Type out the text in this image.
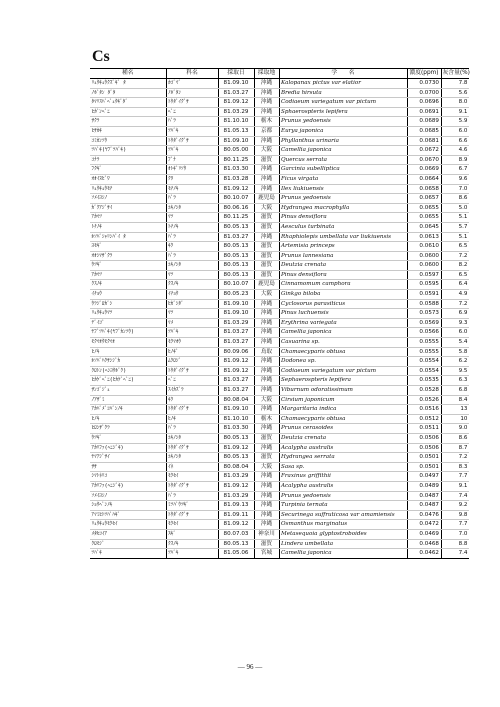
Cs
種名	科名	採取日	採取地	学　　名	濃度(ppm)	灰含量(%)
ﾘｭｳｷｭｳｸｽﾞｷﾞ ﾀ	ｶｺﾞﾏﾞ	81.09.10	沖縄	Kalopanax pictus var elatior	0.0730	7.8
ﾉﾎﾞﾀﾝ ﾀﾞﾀ	ﾉﾎﾞﾀﾝ	81.03.27	沖縄	Bredia hirsuta	0.0700	5.6
ﾀﾏﾘｽﾊﾞﾍﾞｭｳｷﾞﾀﾞ	ﾄｳﾀﾞｲｸﾞｻ	81.09.12	沖縄	Codiaeum variegatum var pictum	0.0696	8.0
ﾋｶﾞﾝﾍﾞﾆ	ﾍﾞﾆ	81.03.29	沖縄	Sphaerospteris lepifera	0.0691	9.1
ｻｸﾗ	ﾊﾞﾗ	81.10.10	栃木	Prunus yedoensis	0.0689	5.9
ﾋｻｶｷ	ﾂﾊﾞｷ	81.05.13	京都	Eurya japonica	0.0685	6.0
ｺﾐｶﾝｿｳ	ﾄｳﾀﾞｲｸﾞｻ	81.09.10	沖縄	Phyllanthus urinaria	0.0681	6.6
ﾂﾊﾞｷ(ﾔﾌﾞﾂﾊﾞｷ)	ﾂﾊﾞｷ	80.05.00	大阪	Camellia japonica	0.0672	4.6
ｺﾅﾗ	ﾌﾞﾅ	80.11.25	滋賀	Quercus serrata	0.0670	8.9
ﾌｸｷﾞ	ｵﾄｷﾞﾘｿｳ	81.03.30	沖縄	Garcinia subelliptica	0.0669	6.7
ｵｵｲﾇﾋﾞﾜ	ｸﾜ	81.03.28	沖縄	Ficus virgata	0.0664	9.6
ﾘｭｳｷｭｳﾓﾁ	ﾓﾁﾉｷ	81.09.12	沖縄	Ilex liukiuensis	0.0658	7.0
ｿﾒｲﾖｼﾉ	ﾊﾞﾗ	80.10.07	鹿児島	Prunus yedoensis	0.0657	8.6
ｶﾞｸｱｼﾞｻｲ	ﾕｷﾉｼﾀ	80.06.16	大阪	Hydrangea macrophylla	0.0655	5.0
ｱｶﾏﾂ	ﾏﾂ	80.11.25	滋賀	Pinus densiflora	0.0655	5.1
ﾄﾁﾉｷ	ﾄﾁﾉｷ	80.05.13	滋賀	Aesculus turbinata	0.0645	5.7
ﾎｿﾊﾞｼｬﾘﾝﾊﾞｲ ﾀ	ﾊﾞﾗ	81.03.27	沖縄	Rhaphiolepis umbellata var liukiuensis	0.0613	5.1
ﾖﾓｷﾞ	ｷｸ	80.05.13	滋賀	Artemisia princeps	0.0610	6.5
ｵｵｼﾏｻﾞｸﾗ	ﾊﾞﾗ	80.05.13	滋賀	Prunus lannesiana	0.0600	7.2
ｳﾂｷﾞ	ﾕｷﾉｼﾀ	80.05.13	滋賀	Deutzia crenata	0.0600	8.2
ｱｶﾏﾂ	ﾏﾂ	80.05.13	滋賀	Pinus densiflora	0.0597	6.5
ｸｽﾉｷ	ｸｽﾉｷ	80.10.07	鹿児島	Cinnamomum camphora	0.0595	6.4
ｲﾁｮｳ	ｲﾁｮｳ	80.05.23	大阪	Ginkgo biloba	0.0591	4.9
ｳﾗｼﾞﾛｶﾞｼ	ﾋｶﾞｼﾀﾞ	81.09.10	沖縄	Cyclosorus parasiticus	0.0588	7.2
ﾘｭｳｷｭｳﾏﾂ	ﾏﾂ	81.09.10	沖縄	Pinus luchuensis	0.0573	6.9
ﾃﾞｲｺﾞ	ﾏﾒ	81.03.29	沖縄	Erythrina variegata	0.0569	9.3
ﾔﾌﾞﾂﾊﾞｷ(ﾔﾌﾞｶﾝｿｳ)	ﾂﾊﾞｷ	81.03.27	沖縄	Camellia japonica	0.0566	6.0
ﾓｸﾏｵｳﾓｸﾏｵ	ﾓｸﾏｵｳ	81.03.27	沖縄	Casuarina sp.	0.0555	5.4
ﾋﾉｷ	ﾋﾉｷﾞ	80.09.06	鳥取	Chamaecyparis obtusa	0.0555	5.8
ﾎｿﾊﾞﾊｸｻﾝｼﾞｶ	ﾑｸﾛｼﾞ	81.09.12	沖縄	Dodonea sp.	0.0554	6.2
ｸﾛﾄﾝ(ﾍﾝﾖｳﾎﾞｸ)	ﾄｳﾀﾞｲｸﾞｻ	81.09.12	沖縄	Codiaeum variegatum var pictum	0.0554	9.5
ﾋｶｹﾞﾍﾞﾆ(ﾋｶｹﾞﾍﾞﾆ)	ﾍﾞﾆ	81.03.27	沖縄	Sephaerospteris lepifera	0.0535	6.3
ｻﾝｺﾞｼﾞｭ	ｽｲｶｽﾞﾗ	81.03.27	沖縄	Viburnum odoratissimum	0.0528	6.8
ﾉｱｻﾞﾐ	ｷｸ	80.08.04	大阪	Cirsium japonicum	0.0526	8.4
ｱｶﾊﾞﾒﾞｺﾊﾞﾝﾉｷ	ﾄｳﾀﾞｲｸﾞｻ	81.09.10	沖縄	Margaritaria indica	0.0516	13
ﾋﾉｷ	ﾋﾉｷ	81.10.10	栃木	Chamaecyparis obtusa	0.0512	10
ﾋﾛﾝｻﾞｸﾗ	ﾊﾞﾗ	81.03.30	沖縄	Prunus cerasoides	0.0511	9.0
ｳﾂｷﾞ	ﾕｷﾉｼﾀ	80.05.13	滋賀	Deutzia crenata	0.0506	8.6
ｱｶﾘﾌｧ(ﾍﾆｼﾞｷ)	ﾄｳﾀﾞｲｸﾞｻ	81.09.12	沖縄	Acalypha australis	0.0506	8.7
ﾔﾏｱｼﾞｻｲ	ﾕｷﾉｼﾀ	80.05.13	滋賀	Hydrangea serrata	0.0501	7.2
ｻｻ	ｲﾈ	80.08.04	大阪	Sasa sp.	0.0501	8.3
ｼﾏﾄﾈﾘｺ	ﾓｸｾｲ	81.03.29	沖縄	Fraxinus griffithii	0.0497	7.7
ｱｶﾘﾌｧ(ﾍﾆｼﾞｷ)	ﾄｳﾀﾞｲｸﾞｻ	81.09.12	沖縄	Acalypha australis	0.0489	9.1
ｿﾒｲﾖｼﾉ	ﾊﾞﾗ	81.03.29	沖縄	Prunus yedoensis	0.0487	7.4
ｼｮｳﾍﾞﾝﾉｷ	ﾐﾂﾊﾞｳﾂｷﾞ	81.09.13	沖縄	Turpinia ternata	0.0487	9.2
ｱﾏﾐﾋﾄﾂﾊﾞﾊｷﾞ	ﾄｳﾀﾞｲｸﾞｻ	81.09.11	沖縄	Securinega suffruticosa var amamiensis	0.0476	9.8
ﾘｭｳｷｭｳﾓｸｾｲ	ﾓｸｾｲ	81.09.12	沖縄	Osmanthus marginatus	0.0472	7.7
ﾒﾀｾｺｲｱ	ｽｷﾞ	80.07.03	神奈川	Metasequoia glyptostroboides	0.0469	7.0
ｸﾛﾓｼﾞ	ｸｽﾉｷ	80.05.13	滋賀	Lindera umbellata	0.0468	8.8
ﾂﾊﾞｷ	ﾂﾊﾞｷ	81.05.06	宮城	Camellia japonica	0.0462	7.4
— 96 —
